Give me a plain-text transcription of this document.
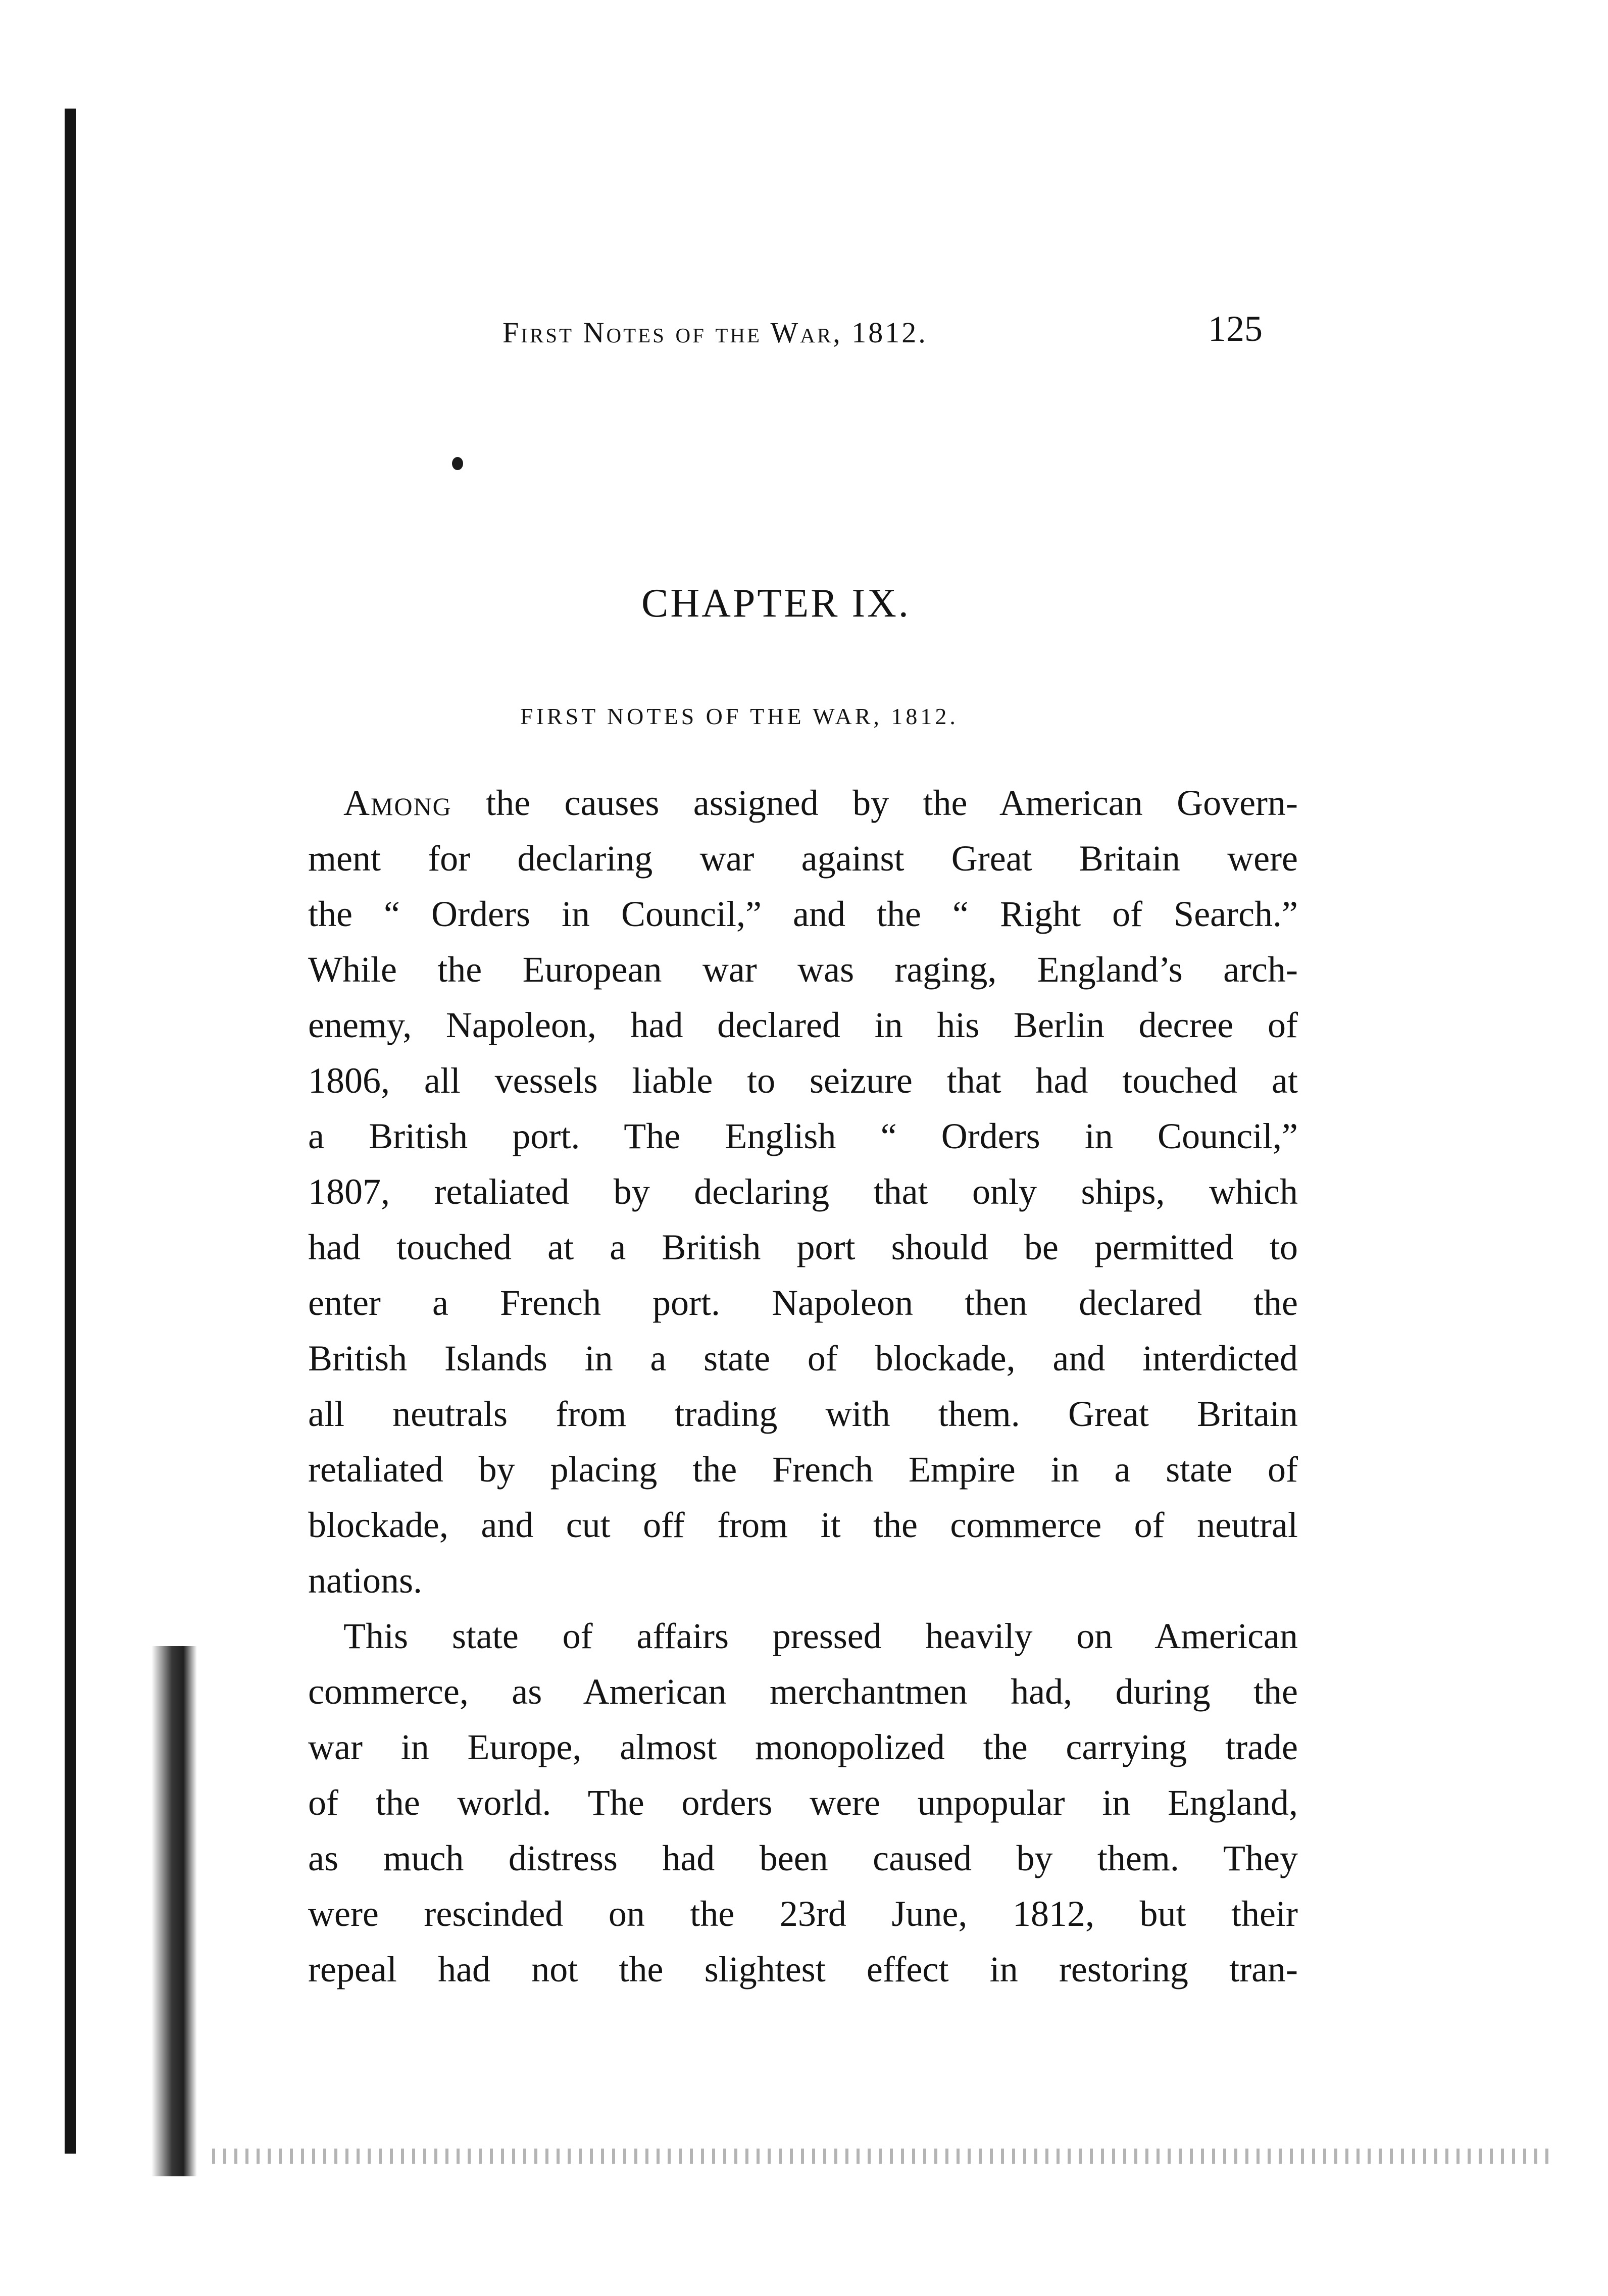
First Notes of the War, 1812.	125
CHAPTER IX.
FIRST NOTES OF THE WAR, 1812.
Among the causes assigned by the American Govern-
ment for declaring war against Great Britain were
the “ Orders in Council,” and the “ Right of Search.”
While the European war was raging, England’s arch-
enemy, Napoleon, had declared in his Berlin decree of
1806, all vessels liable to seizure that had touched at
a British port. The English “ Orders in Council,”
1807, retaliated by declaring that only ships, which
had touched at a British port should be permitted to
enter a French port. Napoleon then declared the
British Islands in a state of blockade, and interdicted
all neutrals from trading with them. Great Britain
retaliated by placing the French Empire in a state of
blockade, and cut off from it the commerce of neutral
nations.
This state of affairs pressed heavily on American
commerce, as American merchantmen had, during the
war in Europe, almost monopolized the carrying trade
of the world. The orders were unpopular in England,
as much distress had been caused by them. They
were rescinded on the 23rd June, 1812, but their
repeal had not the slightest effect in restoring tran-
